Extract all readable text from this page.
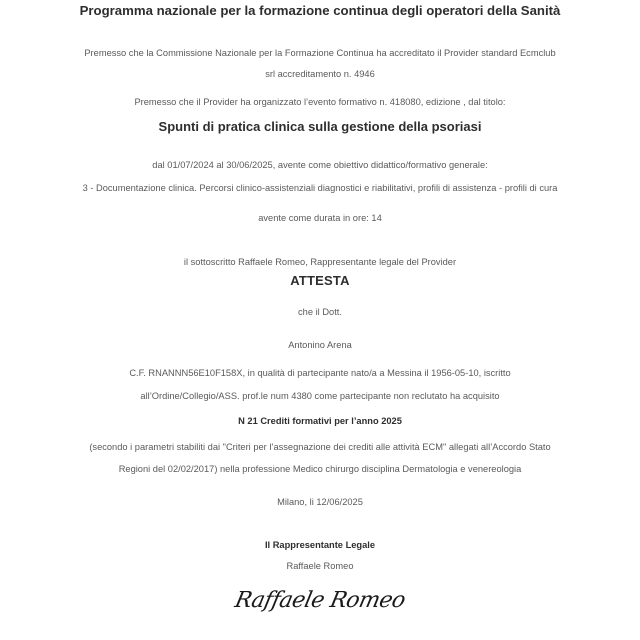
Programma nazionale per la formazione continua degli operatori della Sanità
Premesso che la Commissione Nazionale per la Formazione Continua ha accreditato il Provider standard Ecmclub
srl accreditamento n. 4946
Premesso che il Provider ha organizzato l’evento formativo n. 418080, edizione , dal titolo:
Spunti di pratica clinica sulla gestione della psoriasi
dal 01/07/2024 al 30/06/2025, avente come obiettivo didattico/formativo generale:
3 - Documentazione clinica. Percorsi clinico-assistenziali diagnostici e riabilitativi, profili di assistenza - profili di cura
avente come durata in ore: 14
il sottoscritto Raffaele Romeo, Rappresentante legale del Provider
ATTESTA
che il Dott.
Antonino Arena
C.F. RNANNN56E10F158X, in qualità di partecipante nato/a a Messina il 1956-05-10, iscritto
all’Ordine/Collegio/ASS. prof.le num 4380 come partecipante non reclutato ha acquisito
N 21 Crediti formativi per l’anno 2025
(secondo i parametri stabiliti dai "Criteri per l’assegnazione dei crediti alle attività ECM" allegati all’Accordo Stato
Regioni del 02/02/2017) nella professione Medico chirurgo disciplina Dermatologia e venereologia
Milano, li 12/06/2025
Il Rappresentante Legale
Raffaele Romeo
Raffaele Romeo
